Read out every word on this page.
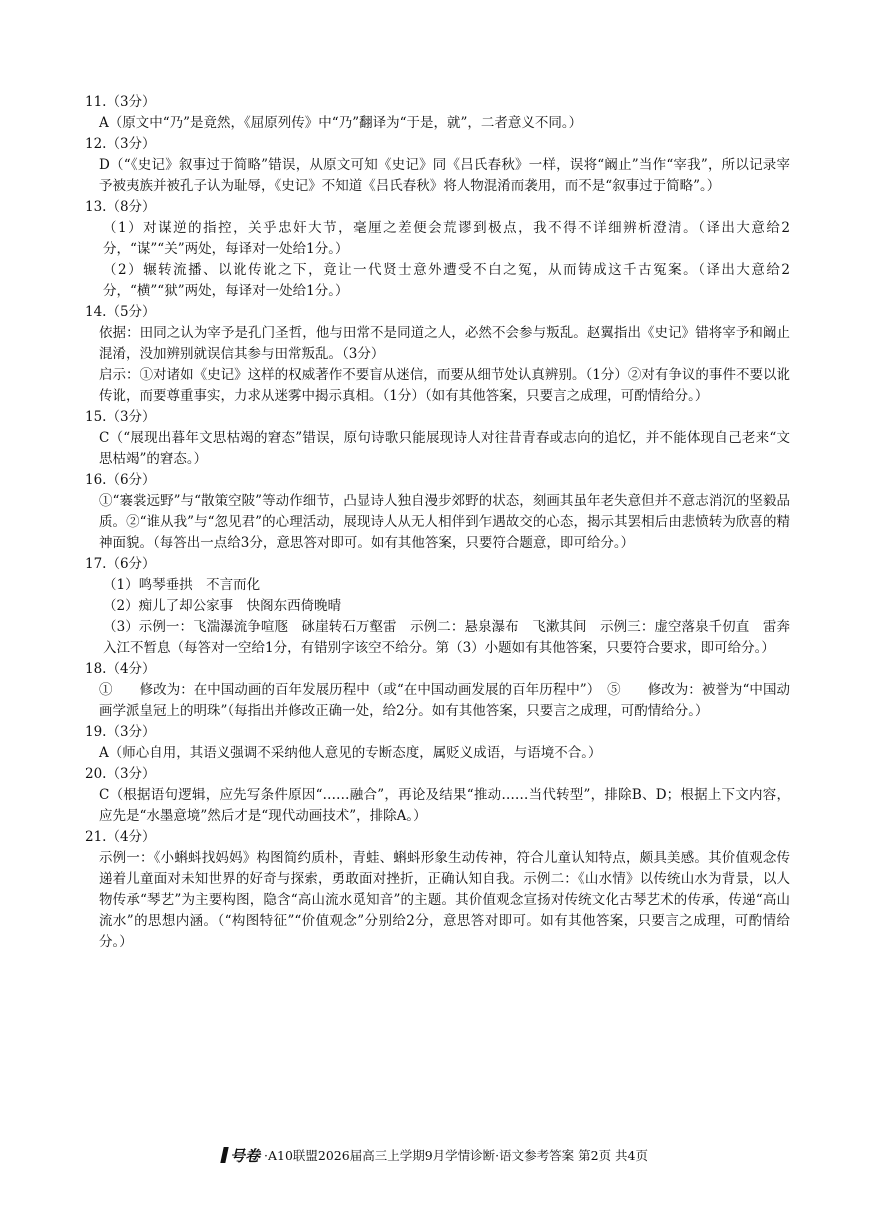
11.（3分）
A（原文中“乃”是竟然，《屈原列传》中“乃”翻译为“于是，就”，二者意义不同。）
12.（3分）
D（“《史记》叙事过于简略”错误，从原文可知《史记》同《吕氏春秋》一样，误将“阚止”当作“宰我”，所以记录宰予被夷族并被孔子认为耻辱，《史记》不知道《吕氏春秋》将人物混淆而袭用，而不是“叙事过于简略”。）
13.（8分）
（1）对谋逆的指控，关乎忠奸大节，毫厘之差便会荒谬到极点，我不得不详细辨析澄清。（译出大意给2分，“谋”“关”两处，每译对一处给1分。）
（2）辗转流播、以讹传讹之下，竟让一代贤士意外遭受不白之冤，从而铸成这千古冤案。（译出大意给2分，“横”“狱”两处，每译对一处给1分。）
14.（5分）
依据：田同之认为宰予是孔门圣哲，他与田常不是同道之人，必然不会参与叛乱。赵翼指出《史记》错将宰予和阚止混淆，没加辨别就误信其参与田常叛乱。（3分）
启示：①对诸如《史记》这样的权威著作不要盲从迷信，而要从细节处认真辨别。（1分）②对有争议的事件不要以讹传讹，而要尊重事实，力求从迷雾中揭示真相。（1分）（如有其他答案，只要言之成理，可酌情给分。）
15.（3分）
C（“展现出暮年文思枯竭的窘态”错误，原句诗歌只能展现诗人对往昔青春或志向的追忆，并不能体现自己老来“文思枯竭”的窘态。）
16.（6分）
①“褰裳远野”与“散策空陂”等动作细节，凸显诗人独自漫步郊野的状态，刻画其虽年老失意但并不意志消沉的坚毅品质。②“谁从我”与“忽见君”的心理活动，展现诗人从无人相伴到乍遇故交的心态，揭示其罢相后由悲愤转为欣喜的精神面貌。（每答出一点给3分，意思答对即可。如有其他答案，只要符合题意，即可给分。）
17.（6分）
（1）鸣琴垂拱　不言而化
（2）痴儿了却公家事　快阁东西倚晚晴
（3）示例一：飞湍瀑流争喧豗　砯崖转石万壑雷　示例二：悬泉瀑布　飞漱其间　示例三：虚空落泉千仞直　雷奔入江不暂息（每答对一空给1分，有错别字该空不给分。第（3）小题如有其他答案，只要符合要求，即可给分。）
18.（4分）
①　　修改为：在中国动画的百年发展历程中（或“在中国动画发展的百年历程中”）　⑤　　修改为：被誉为“中国动画学派皇冠上的明珠”（每指出并修改正确一处，给2分。如有其他答案，只要言之成理，可酌情给分。）
19.（3分）
A（师心自用，其语义强调不采纳他人意见的专断态度，属贬义成语，与语境不合。）
20.（3分）
C（根据语句逻辑，应先写条件原因“……融合”，再论及结果“推动……当代转型”，排除B、D；根据上下文内容，应先是“水墨意境”然后才是“现代动画技术”，排除A。）
21.（4分）
示例一：《小蝌蚪找妈妈》构图简约质朴，青蛙、蝌蚪形象生动传神，符合儿童认知特点，颇具美感。其价值观念传递着儿童面对未知世界的好奇与探索，勇敢面对挫折，正确认知自我。示例二：《山水情》以传统山水为背景，以人物传承“琴艺”为主要构图，隐含“高山流水觅知音”的主题。其价值观念宣扬对传统文化古琴艺术的传承，传递“高山流水”的思想内涵。（“构图特征”“价值观念”分别给2分，意思答对即可。如有其他答案，只要言之成理，可酌情给分。）
号卷 ·A10联盟2026届高三上学期9月学情诊断·语文参考答案 第2页 共4页
